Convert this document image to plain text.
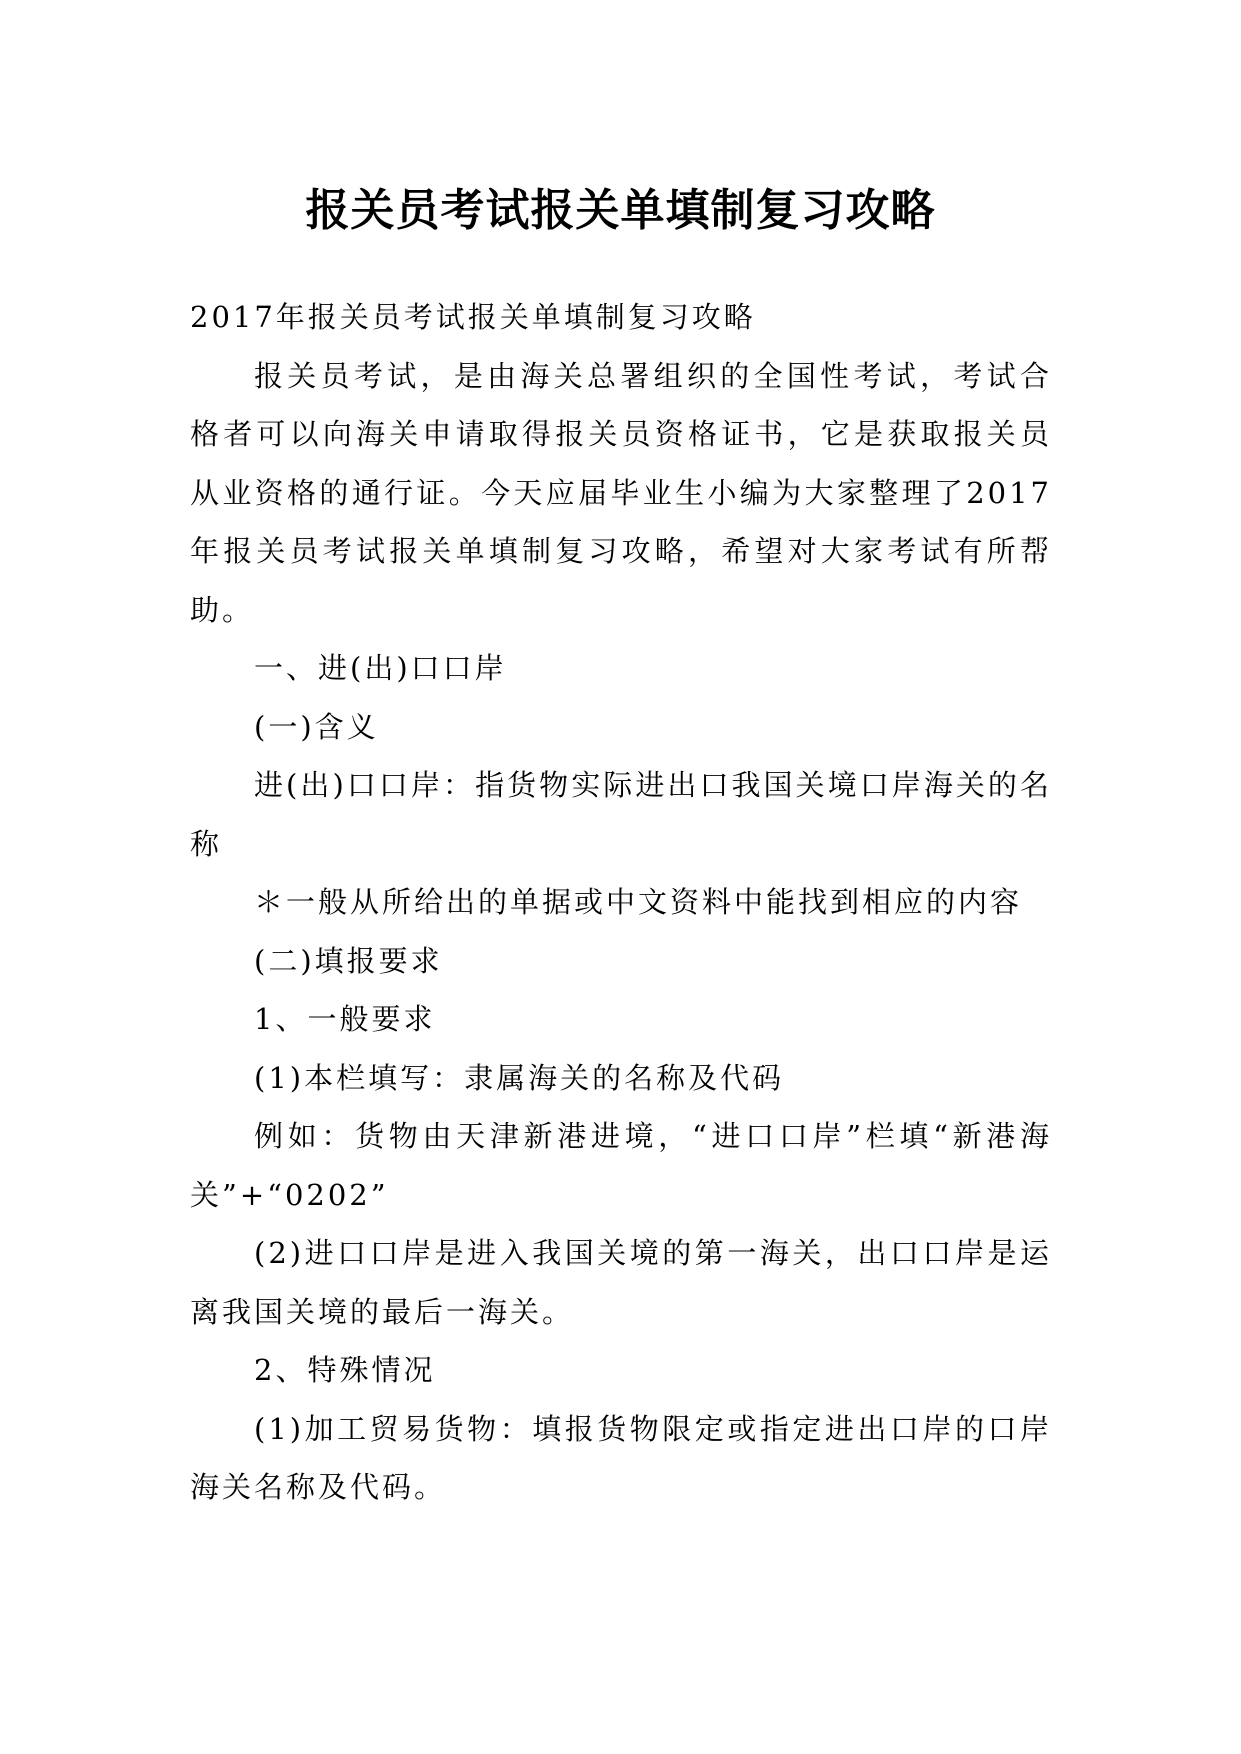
报关员考试报关单填制复习攻略

2017年报关员考试报关单填制复习攻略

报关员考试，是由海关总署组织的全国性考试，考试合格者可以向海关申请取得报关员资格证书，它是获取报关员从业资格的通行证。今天应届毕业生小编为大家整理了2017年报关员考试报关单填制复习攻略，希望对大家考试有所帮助。

一、进(出)口口岸

(一)含义

进(出)口口岸：指货物实际进出口我国关境口岸海关的名称

＊一般从所给出的单据或中文资料中能找到相应的内容

(二)填报要求

1、一般要求

(1)本栏填写：隶属海关的名称及代码

例如：货物由天津新港进境，“进口口岸”栏填“新港海关”+“0202”

(2)进口口岸是进入我国关境的第一海关，出口口岸是运离我国关境的最后一海关。

2、特殊情况

(1)加工贸易货物：填报货物限定或指定进出口岸的口岸海关名称及代码。
